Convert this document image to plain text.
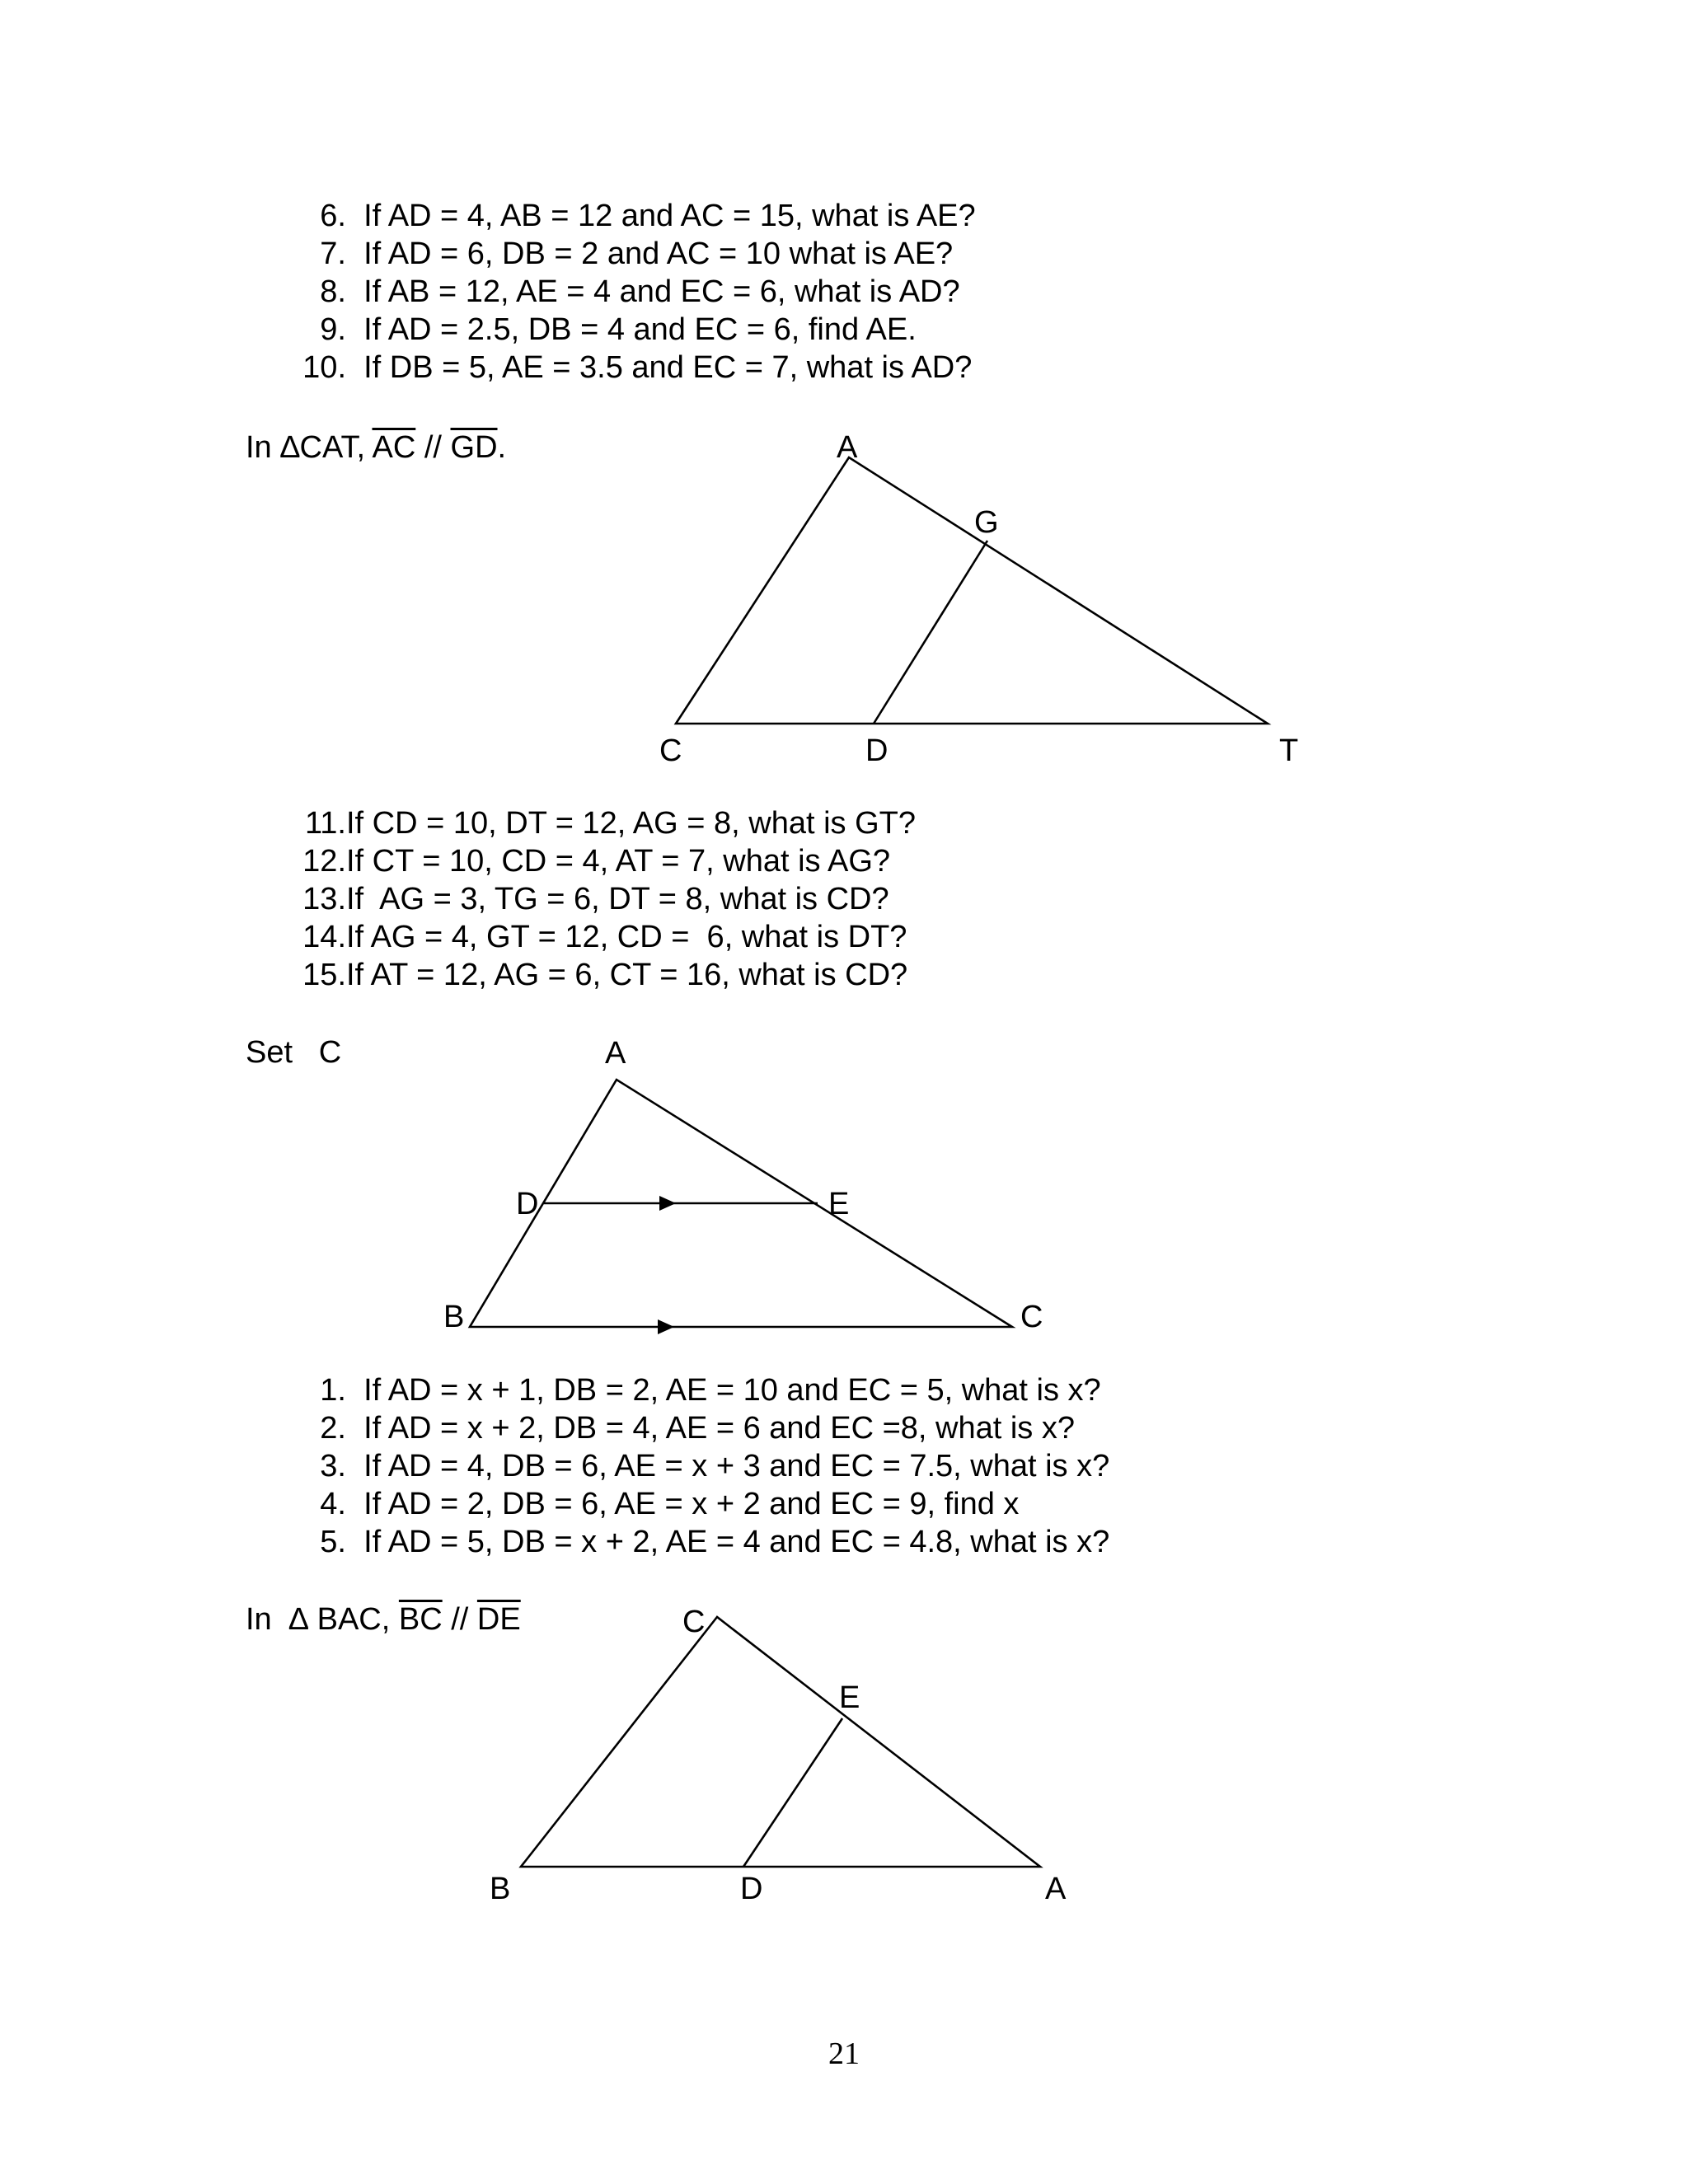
6. If AD = 4, AB = 12 and AC = 15, what is AE?
7. If AD = 6, DB = 2 and AC = 10 what is AE?
8. If AB = 12, AE = 4 and EC = 6, what is AD?
9. If AD = 2.5, DB = 4 and EC = 6, find AE.
10. If DB = 5, AE = 3.5 and EC = 7, what is AD?
In ∆CAT, $\overline{AC} // \overline{GD}$.	A
G
C	D	T
11.If CD = 10, DT = 12, AG = 8, what is GT?
12.If CT = 10, CD = 4, AT = 7, what is AG?
13.If  AG = 3, TG = 6, DT = 8, what is CD?
14.If AG = 4, GT = 12, CD =  6, what is DT?
15.If AT = 12, AG = 6, CT = 16, what is CD?
Set   C	A
D	E
B	C
1. If AD = x + 1, DB = 2, AE = 10 and EC = 5, what is x?
2. If AD = x + 2, DB = 4, AE = 6 and EC =8, what is x?
3. If AD = 4, DB = 6, AE = x + 3 and EC = 7.5, what is x?
4. If AD = 2, DB = 6, AE = x + 2 and EC = 9, find x
5. If AD = 5, DB = x + 2, AE = 4 and EC = 4.8, what is x?
In  ∆ BAC, $\overline{BC} // \overline{DE}$	C
E
B	D	A
21
